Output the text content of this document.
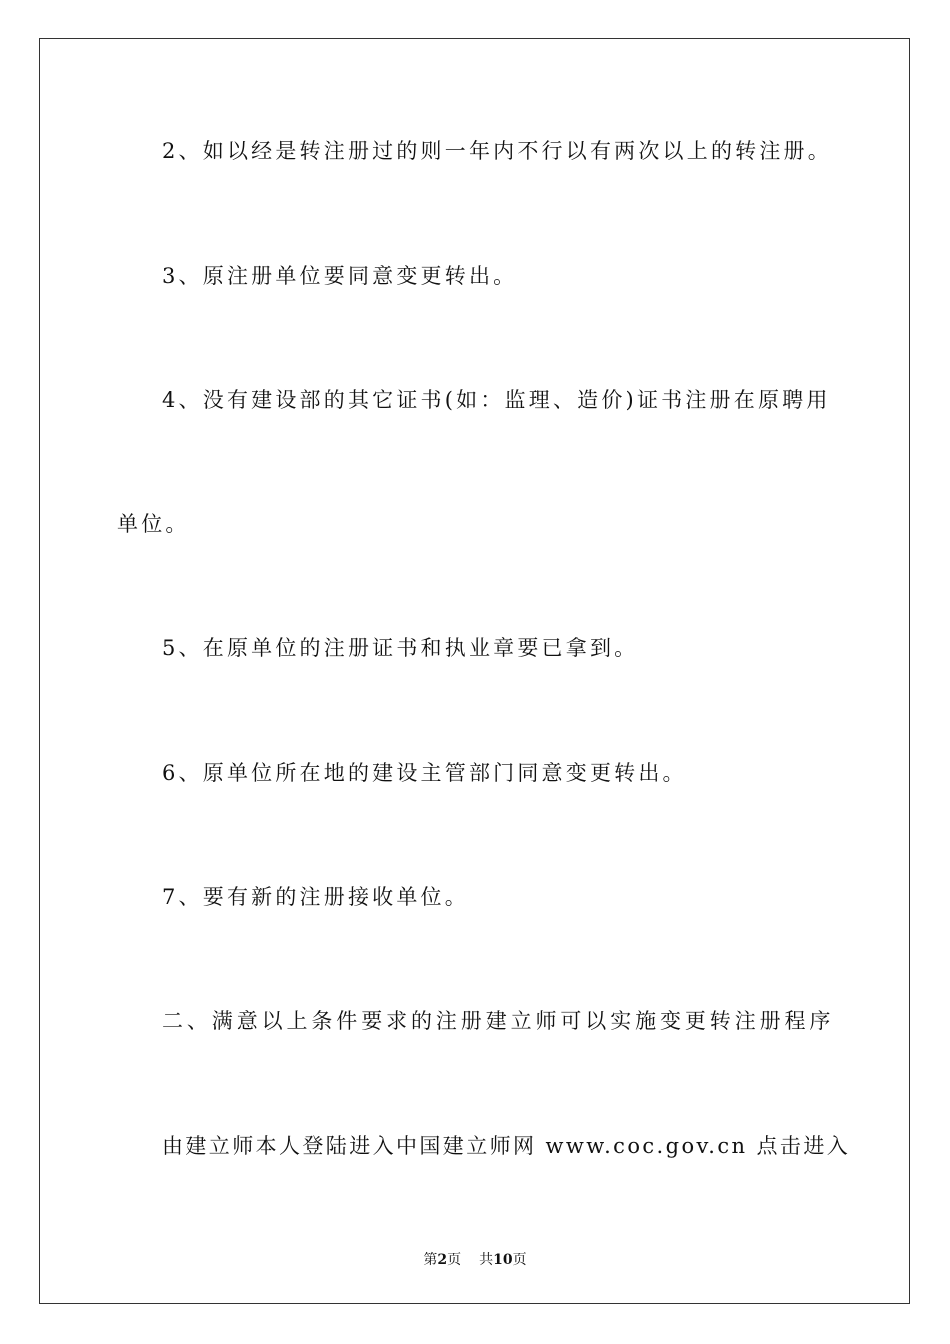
2、如以经是转注册过的则一年内不行以有两次以上的转注册。
3、原注册单位要同意变更转出。
4、没有建设部的其它证书(如：监理、造价)证书注册在原聘用
单位。
5、在原单位的注册证书和执业章要已拿到。
6、原单位所在地的建设主管部门同意变更转出。
7、要有新的注册接收单位。
二、满意以上条件要求的注册建立师可以实施变更转注册程序
由建立师本人登陆进入中国建立师网 www.coc.gov.cn 点击进入
第2页 共10页
